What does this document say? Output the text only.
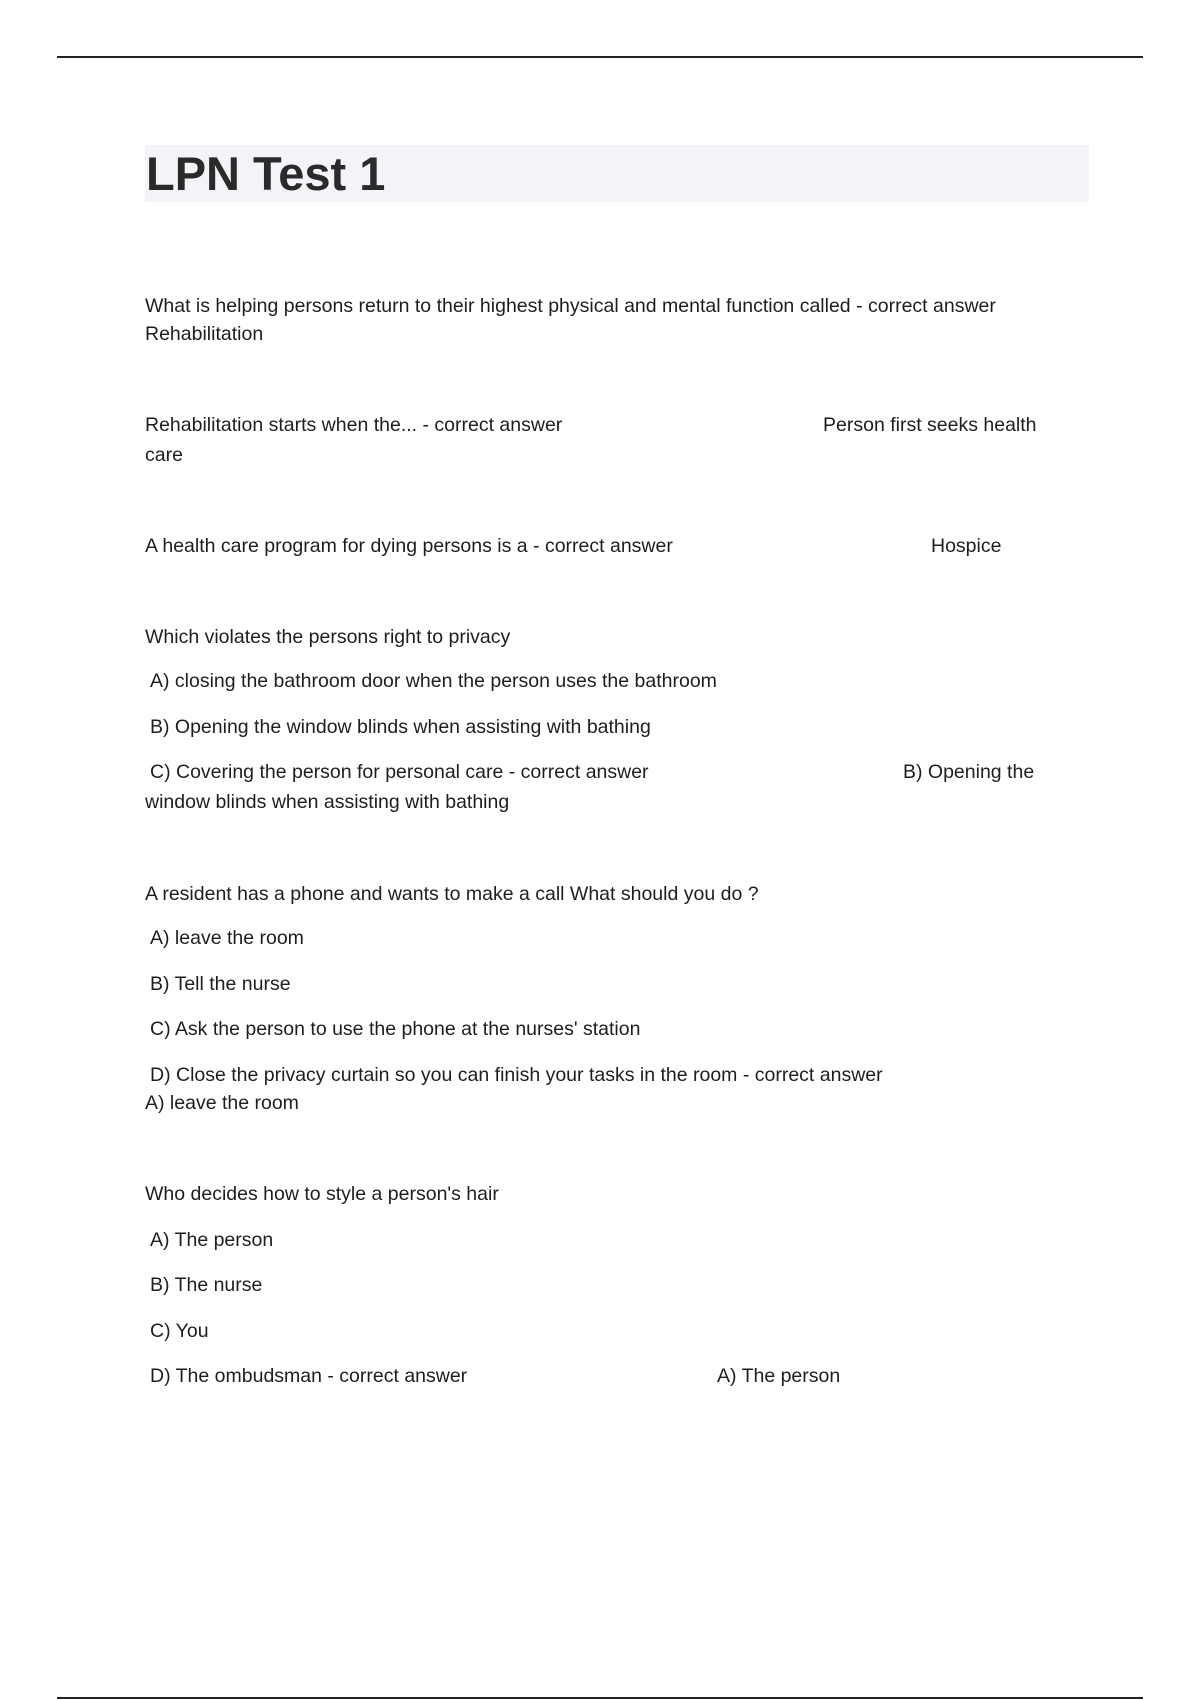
LPN Test 1
What is helping persons return to their highest physical and mental function called - correct answer
Rehabilitation
Rehabilitation starts when the... - correct answer	Person first seeks health
care
A health care program for dying persons is a - correct answer	Hospice
Which violates the persons right to privacy
A) closing the bathroom door when the person uses the bathroom
B) Opening the window blinds when assisting with bathing
C) Covering the person for personal care - correct answer	B) Opening the
window blinds when assisting with bathing
A resident has a phone and wants to make a call What should you do ?
A) leave the room
B) Tell the nurse
C) Ask the person to use the phone at the nurses' station
D) Close the privacy curtain so you can finish your tasks in the room - correct answer
A) leave the room
Who decides how to style a person's hair
A) The person
B) The nurse
C) You
D) The ombudsman - correct answer	A) The person
